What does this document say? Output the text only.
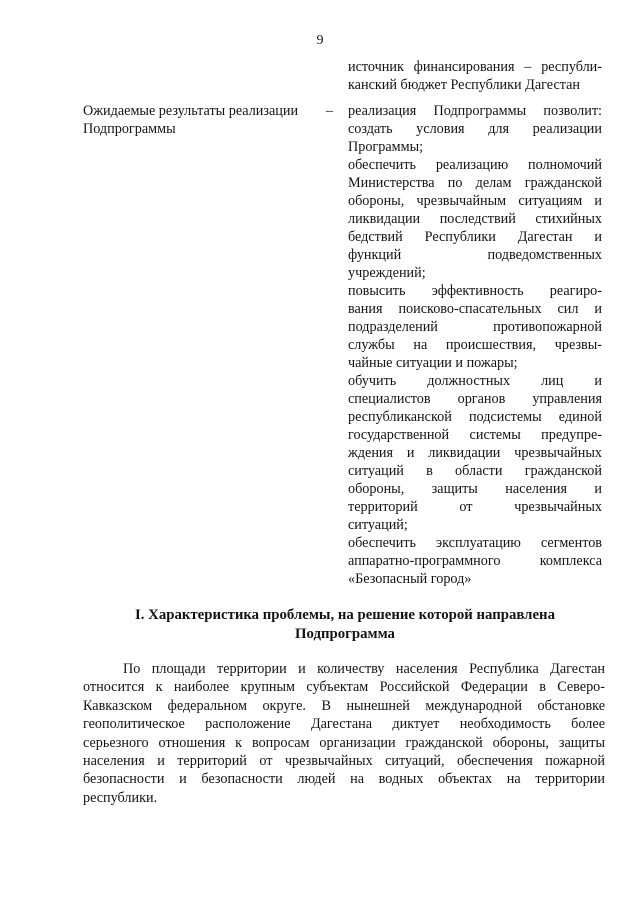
9

источник финансирования – республи-

канский бюджет Республики Дагестан

Ожидаемые результаты реализации –
Подпрограммы

реализация Подпрограммы позволит:

создать условия для реализации

Программы;

обеспечить реализацию полномочий

Министерства по делам гражданской

обороны, чрезвычайным ситуациям и

ликвидации последствий стихийных

бедствий Республики Дагестан и

функций подведомственных

учреждений;

повысить эффективность реагиро-

вания поисково-спасательных сил и

подразделений противопожарной

службы на происшествия, чрезвы-

чайные ситуации и пожары;

обучить должностных лиц и

специалистов органов управления

республиканской подсистемы единой

государственной системы предупре-

ждения и ликвидации чрезвычайных

ситуаций в области гражданской

обороны, защиты населения и

территорий от чрезвычайных

ситуаций;

обеспечить эксплуатацию сегментов

аппаратно-программного комплекса

«Безопасный город»

I. Характеристика проблемы, на решение которой направлена
Подпрограмма
По площади территории и количеству населения Республика Дагестан
относится к наиболее крупным субъектам Российской Федерации в Северо-
Кавказском федеральном округе. В нынешней международной обстановке
геополитическое расположение Дагестана диктует необходимость более
серьезного отношения к вопросам организации гражданской обороны, защиты
населения и территорий от чрезвычайных ситуаций, обеспечения пожарной
безопасности и безопасности людей на водных объектах на территории
республики.
